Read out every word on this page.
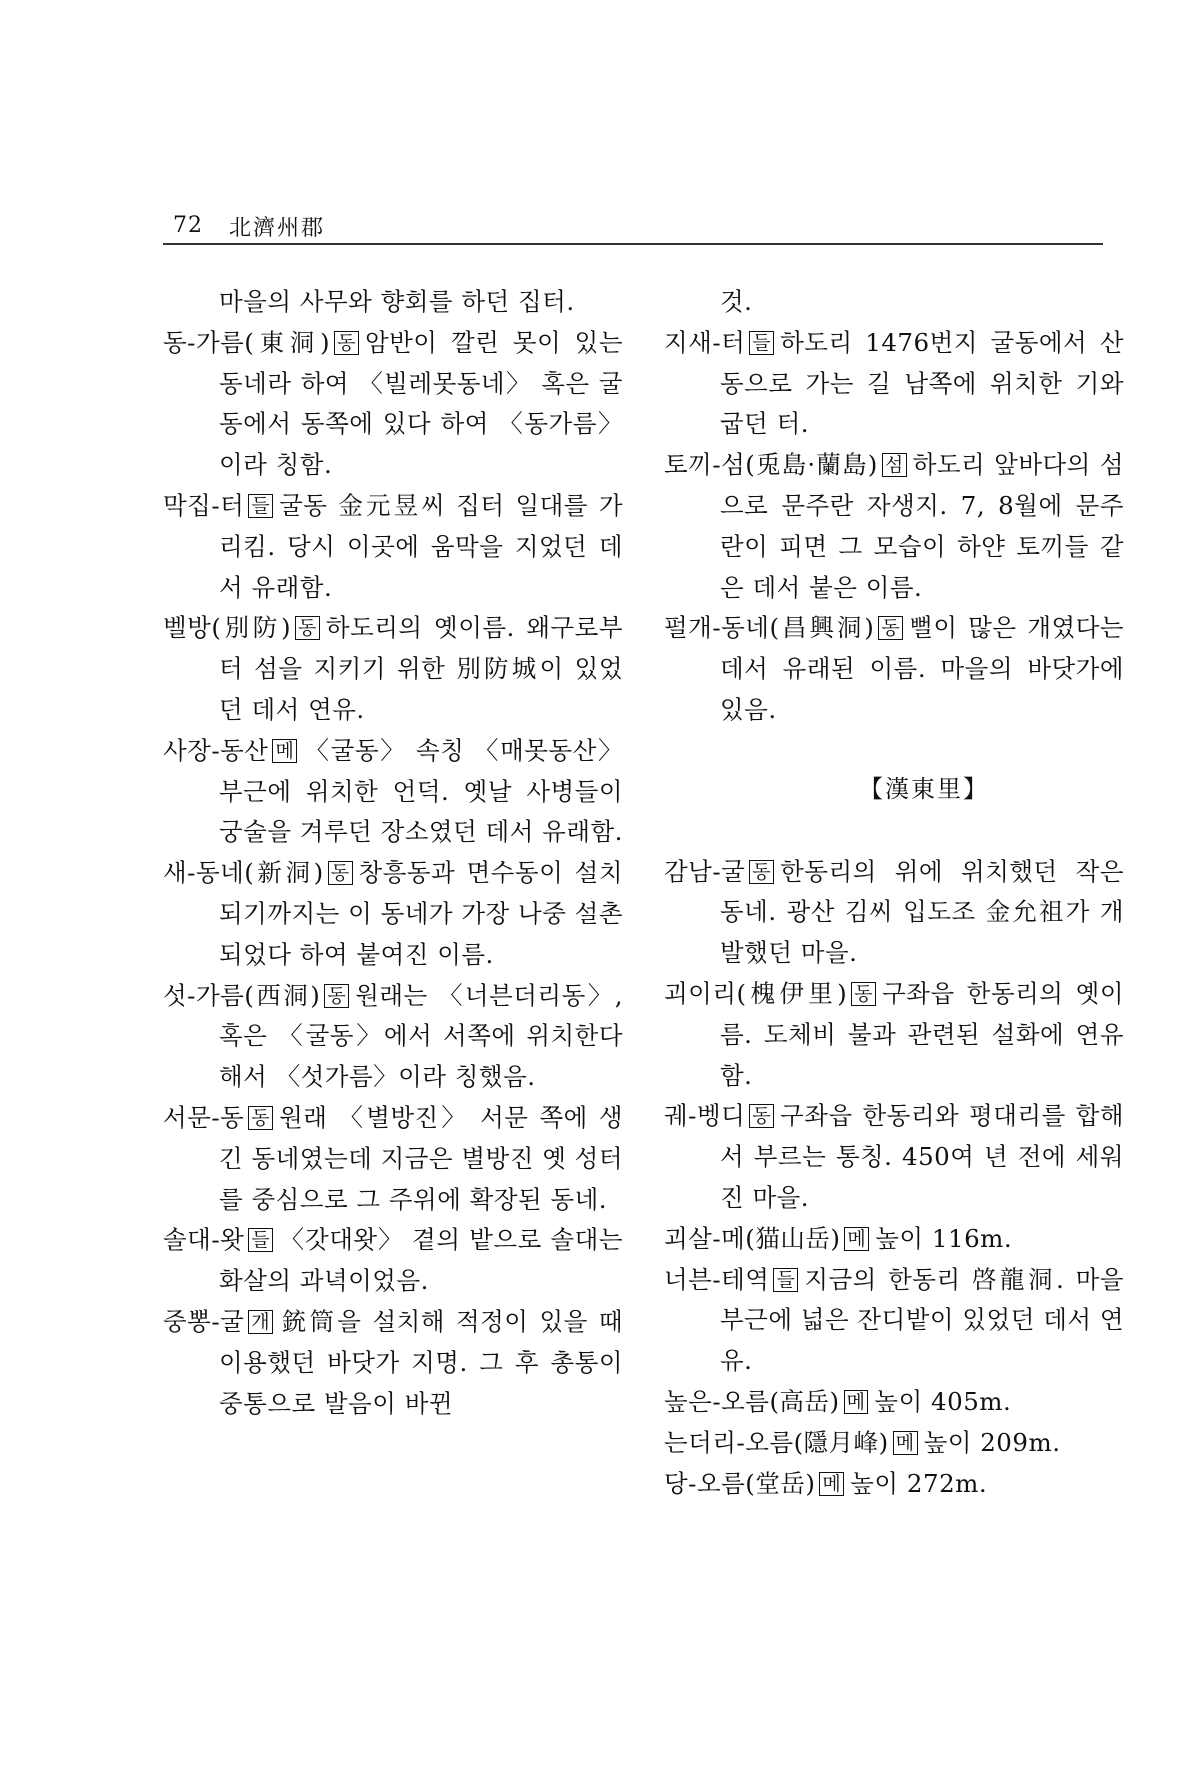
72 北濟州郡

마을의 사무와 향회를 하던 집터.

동-가름(東洞) 동 암반이 깔린 못이 있는 동네라 하여 〈빌레못동네〉 혹은 굴동에서 동쪽에 있다 하여 〈동가름〉이라 칭함.

막집-터 들 굴동 金元昱씨 집터 일대를 가리킴. 당시 이곳에 움막을 지었던 데서 유래함.

벨방(別防) 동 하도리의 옛이름. 왜구로부터 섬을 지키기 위한 別防城이 있었던 데서 연유.

사장-동산 메 〈굴동〉 속칭 〈매못동산〉 부근에 위치한 언덕. 옛날 사병들이 궁술을 겨루던 장소였던 데서 유래함.

새-동네(新洞) 동 창흥동과 면수동이 설치되기까지는 이 동네가 가장 나중 설촌되었다 하여 붙여진 이름.

섯-가름(西洞) 동 원래는 〈너븐더리동〉, 혹은 〈굴동〉에서 서쪽에 위치한다 해서 〈섯가름〉이라 칭했음.

서문-동 동 원래 〈별방진〉 서문 쪽에 생긴 동네였는데 지금은 별방진 옛 성터를 중심으로 그 주위에 확장된 동네.

솔대-왓 들 〈갓대왓〉 곁의 밭으로 솔대는 화살의 과녁이었음.

중뽕-굴 개 銃筒을 설치해 적정이 있을 때 이용했던 바닷가 지명. 그 후 총통이 중통으로 발음이 바뀐

것.

지새-터 들 하도리 1476번지 굴동에서 산동으로 가는 길 남쪽에 위치한 기와 굽던 터.

토끼-섬(兎島·蘭島) 섬 하도리 앞바다의 섬으로 문주란 자생지. 7, 8월에 문주란이 피면 그 모습이 하얀 토끼들 같은 데서 붙은 이름.

펄개-동네(昌興洞) 동 뻘이 많은 개였다는 데서 유래된 이름. 마을의 바닷가에 있음.

【漢東里】

감남-굴 동 한동리의 위에 위치했던 작은 동네. 광산 김씨 입도조 金允祖가 개발했던 마을.

괴이리(槐伊里) 동 구좌읍 한동리의 옛이름. 도체비 불과 관련된 설화에 연유함.

궤-벵디 동 구좌읍 한동리와 평대리를 합해서 부르는 통칭. 450여 년 전에 세워진 마을.

괴살-메(猫山岳) 메 높이 116m.

너븐-테역 들 지금의 한동리 啓龍洞. 마을 부근에 넓은 잔디밭이 있었던 데서 연유.

높은-오름(高岳) 메 높이 405m.

는더리-오름(隱月峰) 메 높이 209m.

당-오름(堂岳) 메 높이 272m.
